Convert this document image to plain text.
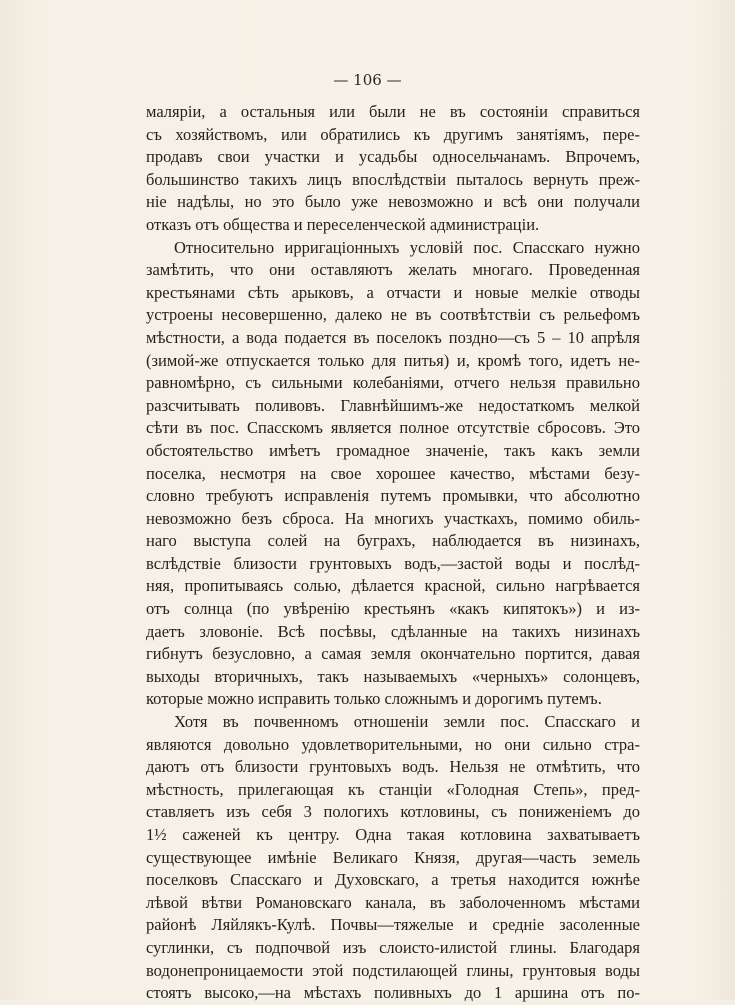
— 106 —
маляріи, а остальныя или были не въ состояніи справиться
съ хозяйствомъ, или обратились къ другимъ занятіямъ, пере-
продавъ свои участки и усадьбы односельчанамъ. Впрочемъ,
большинство такихъ лицъ впослѣдствіи пыталось вернуть преж-
ніе надѣлы, но это было уже невозможно и всѣ они получали
отказъ отъ общества и переселенческой администраціи.
Относительно ирригаціонныхъ условій пос. Спасскаго нужно
замѣтить, что они оставляютъ желать многаго. Проведенная
крестьянами сѣть арыковъ, а отчасти и новые мелкіе отводы
устроены несовершенно, далеко не въ соотвѣтствіи съ рельефомъ
мѣстности, а вода подается въ поселокъ поздно—съ 5 – 10 апрѣля
(зимой-же отпускается только для питья) и, кромѣ того, идетъ не-
равномѣрно, съ сильными колебаніями, отчего нельзя правильно
разсчитывать поливовъ. Главнѣйшимъ-же недостаткомъ мелкой
сѣти въ пос. Спасскомъ является полное отсутствіе сбросовъ. Это
обстоятельство имѣетъ громадное значеніе, такъ какъ земли
поселка, несмотря на свое хорошее качество, мѣстами безу-
словно требуютъ исправленія путемъ промывки, что абсолютно
невозможно безъ сброса. На многихъ участкахъ, помимо обиль-
наго выступа солей на буграхъ, наблюдается въ низинахъ,
вслѣдствіе близости грунтовыхъ водъ,—застой воды и послѣд-
няя, пропитываясь солью, дѣлается красной, сильно нагрѣвается
отъ солнца (по увѣренію крестьянъ «какъ кипятокъ») и из-
даетъ зловоніе. Всѣ посѣвы, сдѣланные на такихъ низинахъ
гибнутъ безусловно, а самая земля окончательно портится, давая
выходы вторичныхъ, такъ называемыхъ «черныхъ» солонцевъ,
которые можно исправить только сложнымъ и дорогимъ путемъ.
Хотя въ почвенномъ отношеніи земли пос. Спасскаго и
являются довольно удовлетворительными, но они сильно стра-
даютъ отъ близости грунтовыхъ водъ. Нельзя не отмѣтить, что
мѣстность, прилегающая къ станціи «Голодная Степь», пред-
ставляетъ изъ себя 3 пологихъ котловины, съ пониженіемъ до
1½ саженей къ центру. Одна такая котловина захватываетъ
существующее имѣніе Великаго Князя, другая—часть земель
поселковъ Спасскаго и Духовскаго, а третья находится южнѣе
лѣвой вѣтви Романовскаго канала, въ заболоченномъ мѣстами
районѣ Ляйлякъ-Кулѣ. Почвы—тяжелые и средніе засоленные
суглинки, съ подпочвой изъ слоисто-илистой глины. Благодаря
водонепроницаемости этой подстилающей глины, грунтовыя воды
стоятъ высоко,—на мѣстахъ поливныхъ до 1 аршина отъ по-
